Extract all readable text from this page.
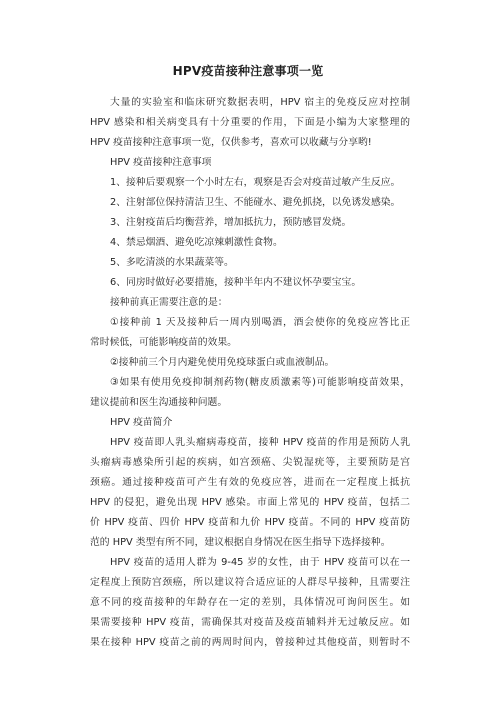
HPV疫苗接种注意事项一览
大量的实验室和临床研究数据表明，HPV 宿主的免疫反应对控制
HPV 感染和相关病变具有十分重要的作用，下面是小编为大家整理的
HPV 疫苗接种注意事项一览，仅供参考，喜欢可以收藏与分享哟!
HPV 疫苗接种注意事项
1、接种后要观察一个小时左右，观察是否会对疫苗过敏产生反应。
2、注射部位保持清洁卫生、不能碰水、避免抓挠，以免诱发感染。
3、注射疫苗后均衡营养，增加抵抗力，预防感冒发烧。
4、禁忌烟酒、避免吃凉辣刺激性食物。
5、多吃清淡的水果蔬菜等。
6、同房时做好必要措施，接种半年内不建议怀孕要宝宝。
接种前真正需要注意的是：
①接种前 1 天及接种后一周内别喝酒，酒会使你的免疫应答比正
常时候低，可能影响疫苗的效果。
②接种前三个月内避免使用免疫球蛋白或血液制品。
③如果有使用免疫抑制剂药物(糖皮质激素等)可能影响疫苗效果，
建议提前和医生沟通接种问题。
HPV 疫苗简介
HPV 疫苗即人乳头瘤病毒疫苗，接种 HPV 疫苗的作用是预防人乳
头瘤病毒感染所引起的疾病，如宫颈癌、尖锐湿疣等，主要预防是宫
颈癌。通过接种疫苗可产生有效的免疫应答，进而在一定程度上抵抗
HPV 的侵犯，避免出现 HPV 感染。市面上常见的 HPV 疫苗，包括二
价 HPV 疫苗、四价 HPV 疫苗和九价 HPV 疫苗。不同的 HPV 疫苗防
范的 HPV 类型有所不同，建议根据自身情况在医生指导下选择接种。
HPV 疫苗的适用人群为 9-45 岁的女性，由于 HPV 疫苗可以在一
定程度上预防宫颈癌，所以建议符合适应证的人群尽早接种，且需要注
意不同的疫苗接种的年龄存在一定的差别，具体情况可询问医生。如
果需要接种 HPV 疫苗，需确保其对疫苗及疫苗辅料并无过敏反应。如
果在接种 HPV 疫苗之前的两周时间内，曾接种过其他疫苗，则暂时不
